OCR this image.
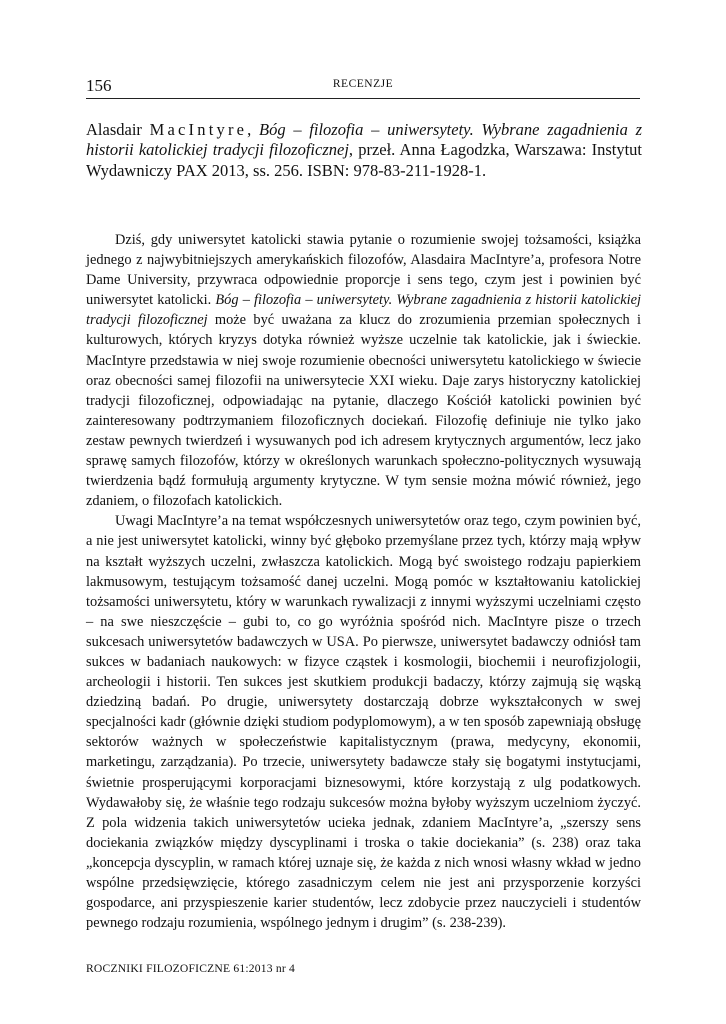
156	RECENZJE
Alasdair MacIntyre, Bóg – filozofia – uniwersytety. Wybrane zagadnienia z historii katolickiej tradycji filozoficznej, przeł. Anna Łagodzka, Warszawa: Instytut Wydawniczy PAX 2013, ss. 256. ISBN: 978-83-211-1928-1.

Dziś, gdy uniwersytet katolicki stawia pytanie o rozumienie swojej tożsamości, książka jednego z najwybitniejszych amerykańskich filozofów, Alasdaira MacIntyre’a, profesora Notre Dame University, przywraca odpowiednie proporcje i sens tego, czym jest i powinien być uniwersytet katolicki. Bóg – filozofia – uniwersytety. Wybrane zagadnienia z historii katolickiej tradycji filozoficznej może być uważana za klucz do zrozumienia przemian społecznych i kulturowych, których kryzys dotyka również wyższe uczelnie tak katolickie, jak i świeckie. MacIntyre przedstawia w niej swoje rozumienie obecności uniwersytetu katolickiego w świecie oraz obecności samej filozofii na uniwersytecie XXI wieku. Daje zarys historyczny katolickiej tradycji filozoficznej, odpowiadając na pytanie, dlaczego Kościół katolicki powinien być zainteresowany podtrzymaniem filozoficznych dociekań. Filozofię definiuje nie tylko jako zestaw pewnych twierdzeń i wysuwanych pod ich adresem krytycznych argumentów, lecz jako sprawę samych filozofów, którzy w określonych warunkach społeczno-politycznych wysuwają twierdzenia bądź formułują argumenty krytyczne. W tym sensie można mówić również, jego zdaniem, o filozofach katolickich.

Uwagi MacIntyre’a na temat współczesnych uniwersytetów oraz tego, czym powinien być, a nie jest uniwersytet katolicki, winny być głęboko przemyślane przez tych, którzy mają wpływ na kształt wyższych uczelni, zwłaszcza katolickich. Mogą być swoistego rodzaju papierkiem lakmusowym, testującym tożsamość danej uczelni. Mogą pomóc w kształtowaniu katolickiej tożsamości uniwersytetu, który w warunkach rywalizacji z innymi wyższymi uczelniami często – na swe nieszczęście – gubi to, co go wyróżnia spośród nich. MacIntyre pisze o trzech sukcesach uniwersytetów badawczych w USA. Po pierwsze, uniwersytet badawczy odniósł tam sukces w badaniach naukowych: w fizyce cząstek i kosmologii, biochemii i neurofizjologii, archeologii i historii. Ten sukces jest skutkiem produkcji badaczy, którzy zajmują się wąską dziedziną badań. Po drugie, uniwersytety dostarczają dobrze wykształconych w swej specjalności kadr (głównie dzięki studiom podyplomowym), a w ten sposób zapewniają obsługę sektorów ważnych w społeczeństwie kapitalistycznym (prawa, medycyny, ekonomii, marketingu, zarządzania). Po trzecie, uniwersytety badawcze stały się bogatymi instytucjami, świetnie prosperującymi korporacjami biznesowymi, które korzystają z ulg podatkowych. Wydawałoby się, że właśnie tego rodzaju sukcesów można byłoby wyższym uczelniom życzyć. Z pola widzenia takich uniwersytetów ucieka jednak, zdaniem MacIntyre’a, „szerszy sens dociekania związków między dyscyplinami i troska o takie dociekania” (s. 238) oraz taka „koncepcja dyscyplin, w ramach której uznaje się, że każda z nich wnosi własny wkład w jedno wspólne przedsięwzięcie, którego zasadniczym celem nie jest ani przysporzenie korzyści gospodarce, ani przyspieszenie karier studentów, lecz zdobycie przez nauczycieli i studentów pewnego rodzaju rozumienia, wspólnego jednym i drugim” (s. 238-239).

ROCZNIKI FILOZOFICZNE 61:2013 nr 4
